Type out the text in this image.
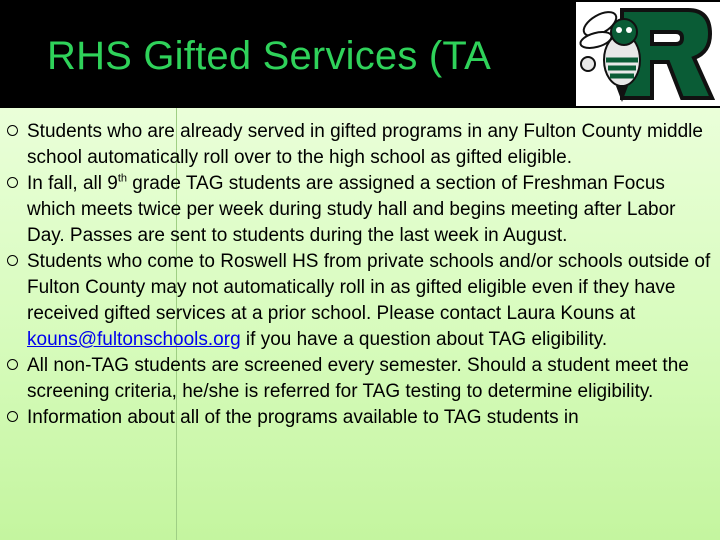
RHS Gifted Services (TA
Students who are already served in gifted programs in any Fulton County middle school automatically roll over to the high school as gifted eligible.
In fall, all 9th grade TAG students are assigned a section of Freshman Focus which meets twice per week during study hall and begins meeting after Labor Day. Passes are sent to students during the last week in August.
Students who come to Roswell HS from private schools and/or schools outside of Fulton County may not automatically roll in as gifted eligible even if they have received gifted services at a prior school. Please contact Laura Kouns at kouns@fultonschools.org if you have a question about TAG eligibility.
All non-TAG students are screened every semester. Should a student meet the screening criteria, he/she is referred for TAG testing to determine eligibility.
Information about all of the programs available to TAG students in
